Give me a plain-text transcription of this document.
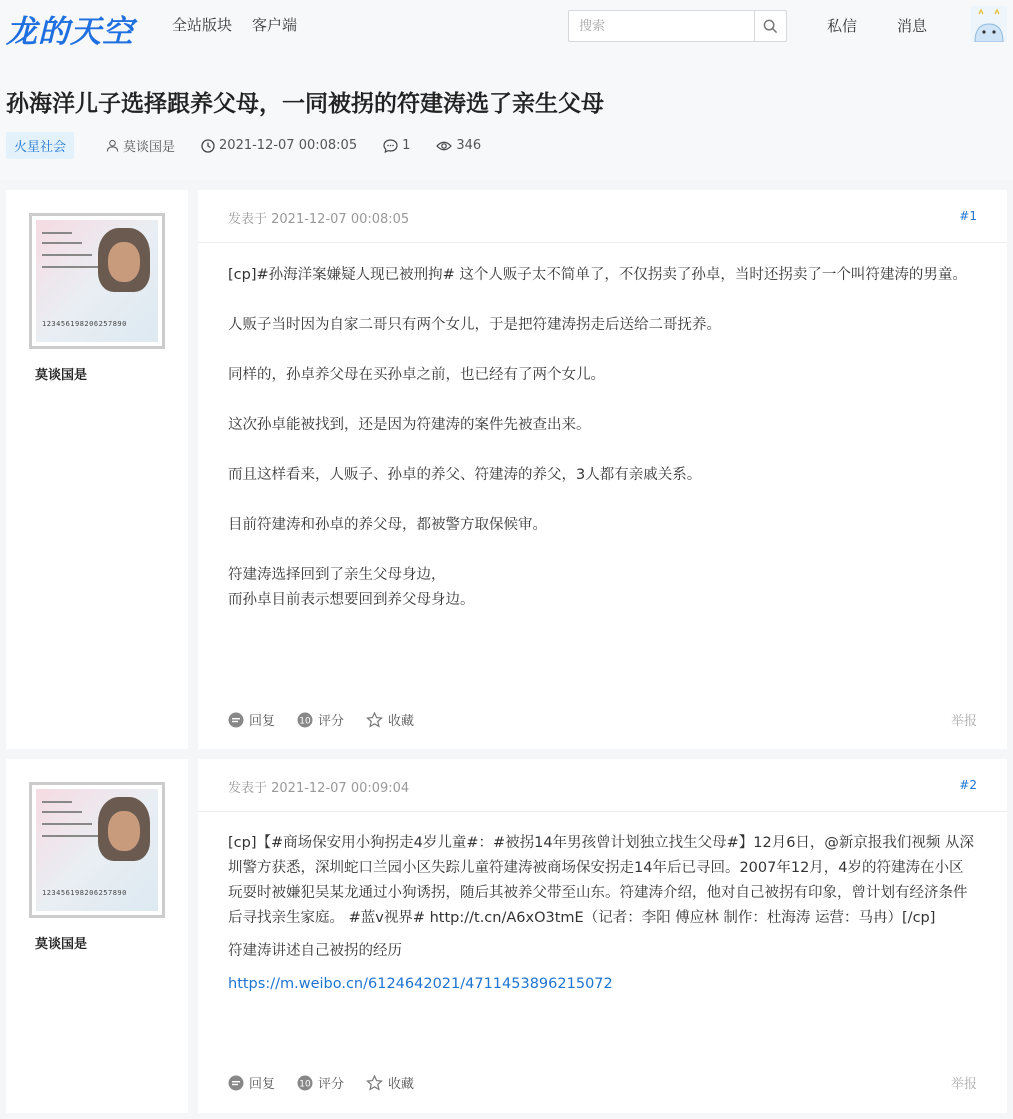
龙的天空	全站版块 客户端
搜索	私信	消息
孙海洋儿子选择跟养父母，一同被拐的符建涛选了亲生父母
火星社会	莫谈国是	2021-12-07 00:08:05	1	346
123456198206257890
莫谈国是
发表于 2021-12-07 00:08:05	#1

[cp]#孙海洋案嫌疑人现已被刑拘# 这个人贩子太不简单了，不仅拐卖了孙卓，当时还拐卖了一个叫符建涛的男童。

人贩子当时因为自家二哥只有两个女儿，于是把符建涛拐走后送给二哥抚养。

同样的，孙卓养父母在买孙卓之前，也已经有了两个女儿。

这次孙卓能被找到，还是因为符建涛的案件先被查出来。

而且这样看来，人贩子、孙卓的养父、符建涛的养父，3人都有亲戚关系。

目前符建涛和孙卓的养父母，都被警方取保候审。

符建涛选择回到了亲生父母身边，
而孙卓目前表示想要回到养父母身边。
回复	10 评分	收藏	举报
123456198206257890
莫谈国是
发表于 2021-12-07 00:09:04	#2

[cp]【#商场保安用小狗拐走4岁儿童#：#被拐14年男孩曾计划独立找生父母#】12月6日，@新京报我们视频 从深圳警方获悉，深圳蛇口兰园小区失踪儿童符建涛被商场保安拐走14年后已寻回。2007年12月，4岁的符建涛在小区玩耍时被嫌犯吴某龙通过小狗诱拐，随后其被养父带至山东。符建涛介绍，他对自己被拐有印象，曾计划有经济条件后寻找亲生家庭。 #蓝v视界# http://t.cn/A6xO3tmE（记者：李阳 傅应林 制作：杜海涛 运营：马冉）[/cp]

符建涛讲述自己被拐的经历

https://m.weibo.cn/6124642021/4711453896215072

回复	10 评分	收藏	举报
